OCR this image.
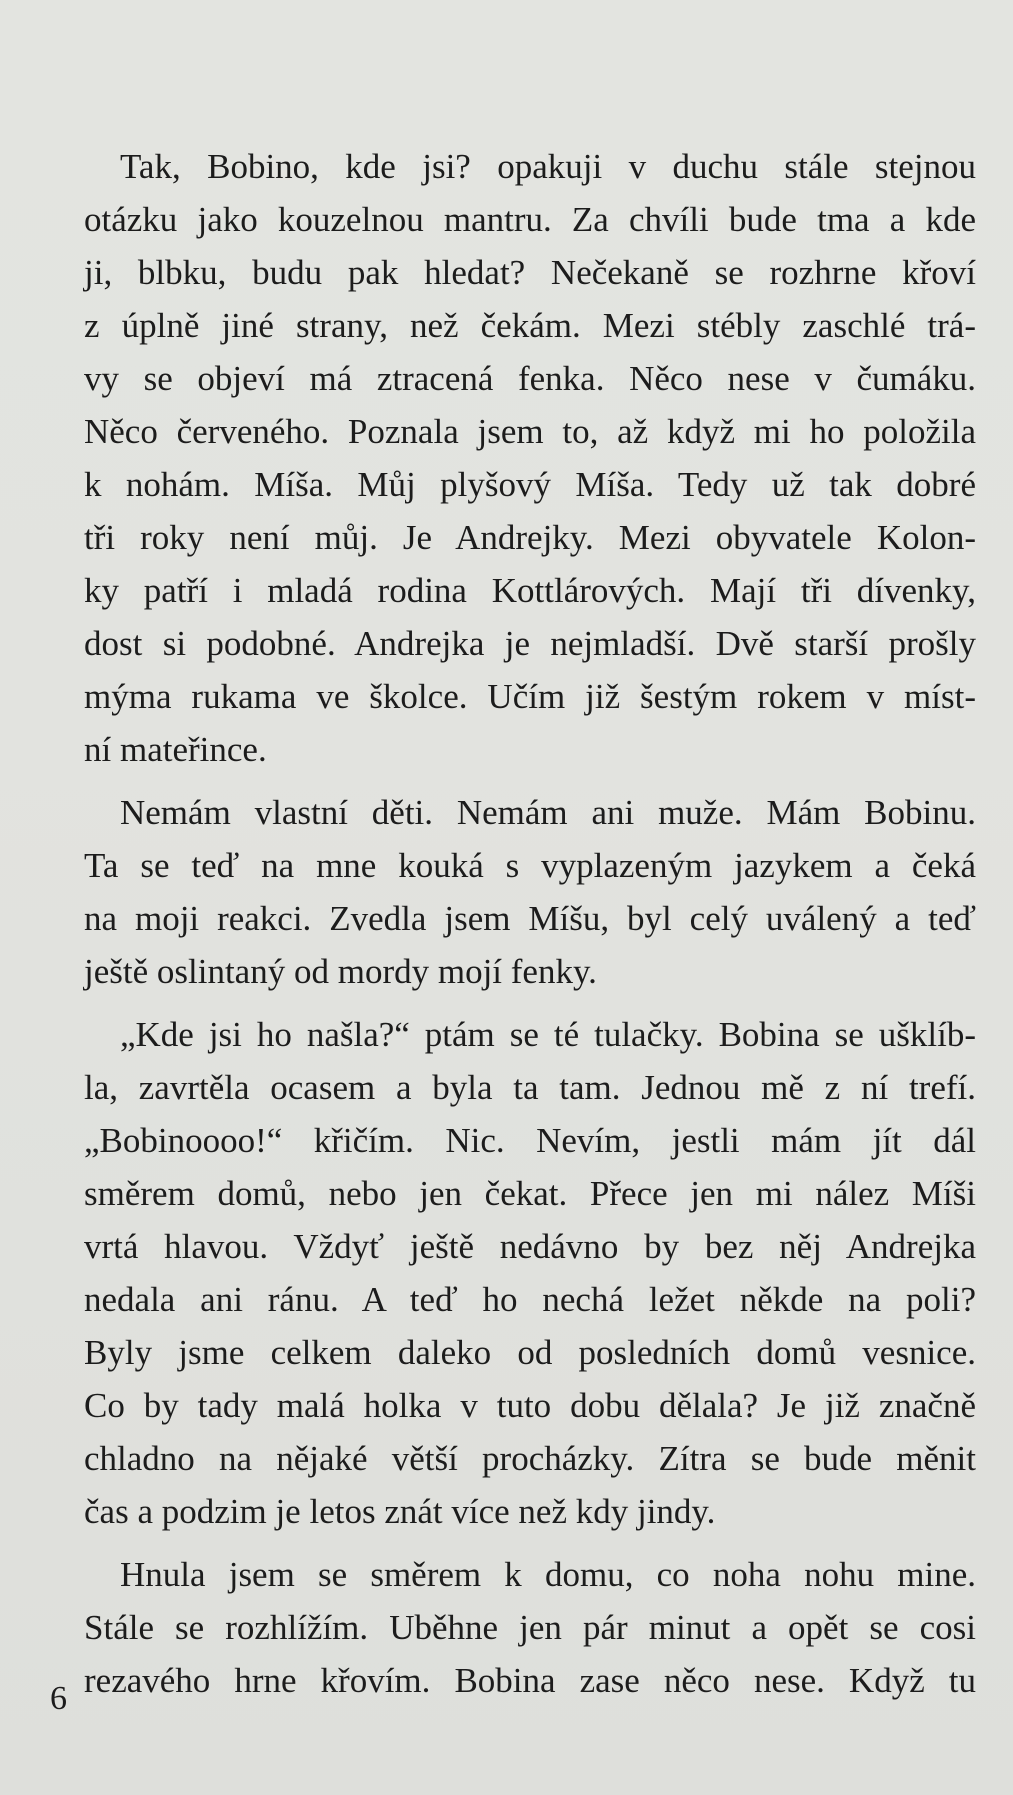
Tak, Bobino, kde jsi? opakuji v duchu stále stejnou
otázku jako kouzelnou mantru. Za chvíli bude tma a kde
ji, blbku, budu pak hledat? Nečekaně se rozhrne křoví
z úplně jiné strany, než čekám. Mezi stébly zaschlé trá-
vy se objeví má ztracená fenka. Něco nese v čumáku.
Něco červeného. Poznala jsem to, až když mi ho položila
k nohám. Míša. Můj plyšový Míša. Tedy už tak dobré
tři roky není můj. Je Andrejky. Mezi obyvatele Kolon-
ky patří i mladá rodina Kottlárových. Mají tři dívenky,
dost si podobné. Andrejka je nejmladší. Dvě starší prošly
mýma rukama ve školce. Učím již šestým rokem v míst-
ní mateřince.
Nemám vlastní děti. Nemám ani muže. Mám Bobinu.
Ta se teď na mne kouká s vyplazeným jazykem a čeká
na moji reakci. Zvedla jsem Míšu, byl celý uválený a teď
ještě oslintaný od mordy mojí fenky.
„Kde jsi ho našla?“ ptám se té tulačky. Bobina se ušklíb-
la, zavrtěla ocasem a byla ta tam. Jednou mě z ní trefí.
„Bobinoooo!“ křičím. Nic. Nevím, jestli mám jít dál
směrem domů, nebo jen čekat. Přece jen mi nález Míši
vrtá hlavou. Vždyť ještě nedávno by bez něj Andrejka
nedala ani ránu. A teď ho nechá ležet někde na poli?
Byly jsme celkem daleko od posledních domů vesnice.
Co by tady malá holka v tuto dobu dělala? Je již značně
chladno na nějaké větší procházky. Zítra se bude měnit
čas a podzim je letos znát více než kdy jindy.
Hnula jsem se směrem k domu, co noha nohu mine.
Stále se rozhlížím. Uběhne jen pár minut a opět se cosi
rezavého hrne křovím. Bobina zase něco nese. Když tu
6
